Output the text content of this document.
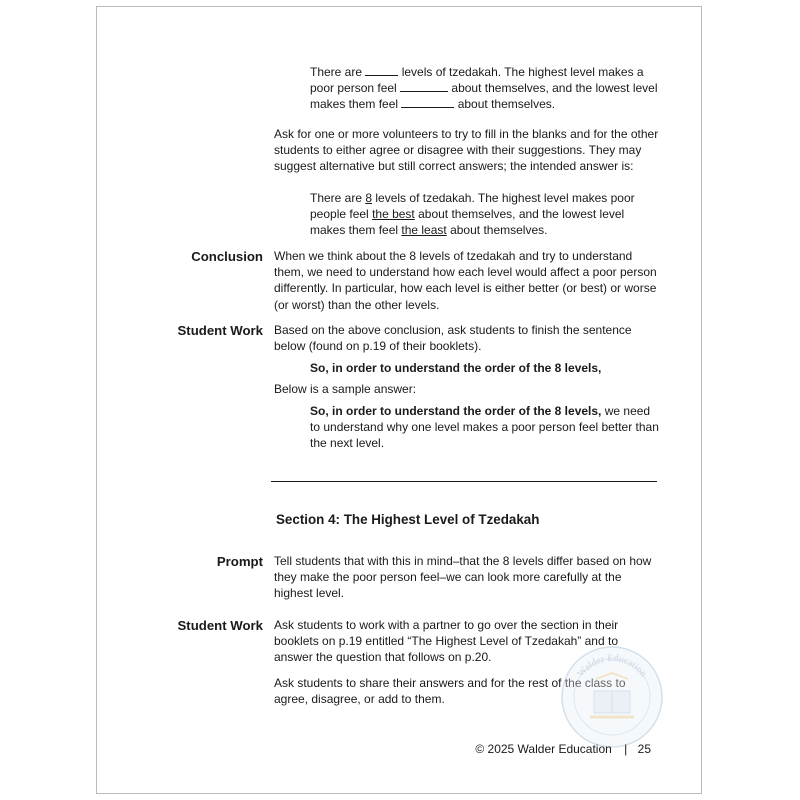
There are	levels of tzedakah. The highest level makes a

poor person feel	about themselves, and the lowest level

makes them feel	about themselves.

Ask for one or more volunteers to try to fill in the blanks and for the other

students to either agree or disagree with their suggestions. They may

suggest alternative but still correct answers; the intended answer is:

There are 8 levels of tzedakah. The highest level makes poor

people feel the best about themselves, and the lowest level

makes them feel the least about themselves.

Conclusion When we think about the 8 levels of tzedakah and try to understand

them, we need to understand how each level would affect a poor person

differently. In particular, how each level is either better (or best) or worse

(or worst) than the other levels.

Student Work Based on the above conclusion, ask students to finish the sentence

below (found on p.19 of their booklets).

So, in order to understand the order of the 8 levels,

Below is a sample answer:

So, in order to understand the order of the 8 levels, we need

to understand why one level makes a poor person feel better than

the next level.

Section 4: The Highest Level of Tzedakah
Prompt Tell students that with this in mind–that the 8 levels differ based on how

they make the poor person feel–we can look more carefully at the

highest level.

Student Work Ask students to work with a partner to go over the section in their

booklets on p.19 entitled “The Highest Level of Tzedakah” and to

answer the question that follows on p.20.

Ask students to share their answers and for the rest of the class to

agree, disagree, or add to them.

Walder Education
© 2025 Walder Education | 25
